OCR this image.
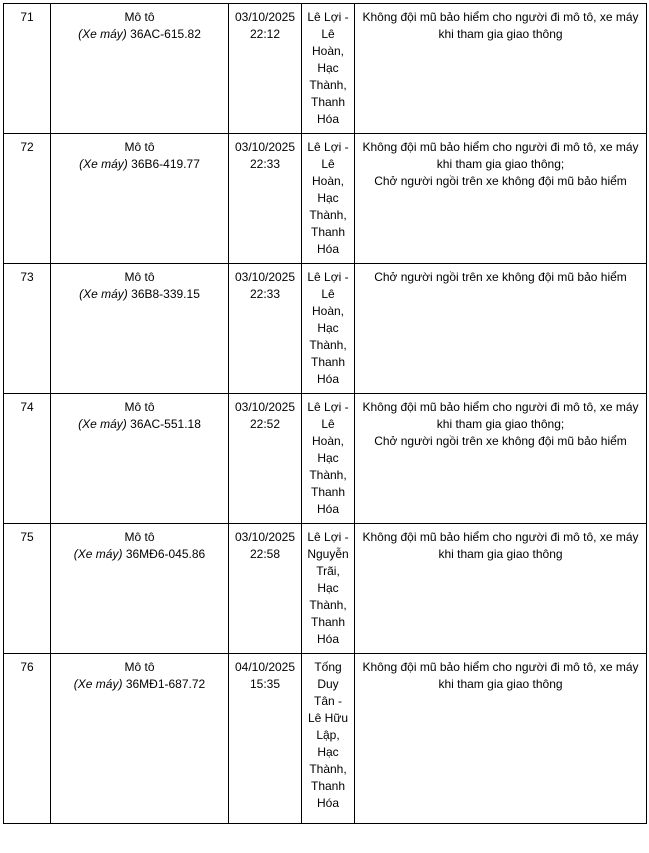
71	Mô tô
(Xe máy) 36AC-615.82

03/10/2025
22:12

Lê Lợi -
Lê
Hoàn,
Hạc
Thành,
Thanh
Hóa

Không đội mũ bảo hiểm cho người đi mô tô, xe máy
khi tham gia giao thông

72	Mô tô
(Xe máy) 36B6-419.77

03/10/2025
22:33

Lê Lợi -
Lê
Hoàn,
Hạc
Thành,
Thanh
Hóa

Không đội mũ bảo hiểm cho người đi mô tô, xe máy
khi tham gia giao thông;
Chở người ngồi trên xe không đội mũ bảo hiểm

73	Mô tô
(Xe máy) 36B8-339.15

03/10/2025
22:33

Lê Lợi -
Lê
Hoàn,
Hạc
Thành,
Thanh
Hóa

Chở người ngồi trên xe không đội mũ bảo hiểm

74	Mô tô
(Xe máy) 36AC-551.18

03/10/2025
22:52

Lê Lợi -
Lê
Hoàn,
Hạc
Thành,
Thanh
Hóa

Không đội mũ bảo hiểm cho người đi mô tô, xe máy
khi tham gia giao thông;
Chở người ngồi trên xe không đội mũ bảo hiểm

75	Mô tô
(Xe máy) 36MĐ6-045.86

03/10/2025
22:58

Lê Lợi -
Nguyễn
Trãi,
Hạc
Thành,
Thanh
Hóa

Không đội mũ bảo hiểm cho người đi mô tô, xe máy
khi tham gia giao thông

76	Mô tô
(Xe máy) 36MĐ1-687.72

04/10/2025
15:35

Tống
Duy
Tân -
Lê Hữu
Lập,
Hạc
Thành,
Thanh
Hóa

Không đội mũ bảo hiểm cho người đi mô tô, xe máy
khi tham gia giao thông
